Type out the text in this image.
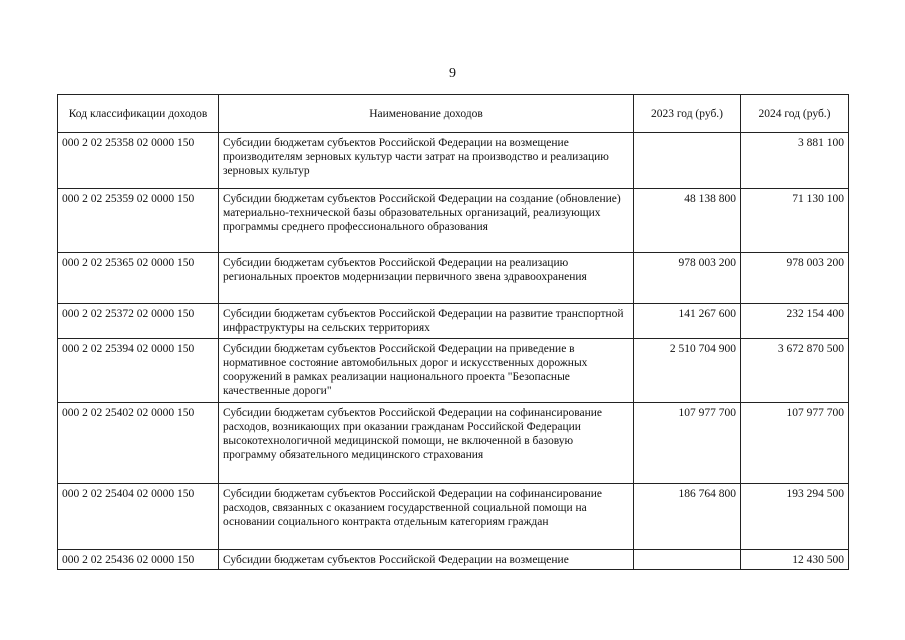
9
Код классификации доходов	Наименование доходов	2023 год (руб.)	2024 год (руб.)
000 2 02 25358 02 0000 150	Субсидии бюджетам субъектов Российской Федерации на возмещение производителям зерновых культур части затрат на производство и реализацию зерновых культур		3 881 100
000 2 02 25359 02 0000 150	Субсидии бюджетам субъектов Российской Федерации на создание (обновление) материально-технической базы образовательных организаций, реализующих программы среднего профессионального образования	48 138 800	71 130 100
000 2 02 25365 02 0000 150	Субсидии бюджетам субъектов Российской Федерации на реализацию региональных проектов модернизации первичного звена здравоохранения	978 003 200	978 003 200
000 2 02 25372 02 0000 150	Субсидии бюджетам субъектов Российской Федерации на развитие транспортной инфраструктуры на сельских территориях	141 267 600	232 154 400
000 2 02 25394 02 0000 150	Субсидии бюджетам субъектов Российской Федерации на приведение в нормативное состояние автомобильных дорог и искусственных дорожных сооружений в рамках реализации национального проекта "Безопасные качественные дороги"	2 510 704 900	3 672 870 500
000 2 02 25402 02 0000 150	Субсидии бюджетам субъектов Российской Федерации на софинансирование расходов, возникающих при оказании гражданам Российской Федерации высокотехнологичной медицинской помощи, не включенной в базовую программу обязательного медицинского страхования	107 977 700	107 977 700
000 2 02 25404 02 0000 150	Субсидии бюджетам субъектов Российской Федерации на софинансирование расходов, связанных с оказанием государственной социальной помощи на основании социального контракта отдельным категориям граждан	186 764 800	193 294 500
000 2 02 25436 02 0000 150	Субсидии бюджетам субъектов Российской Федерации на возмещение		12 430 500
